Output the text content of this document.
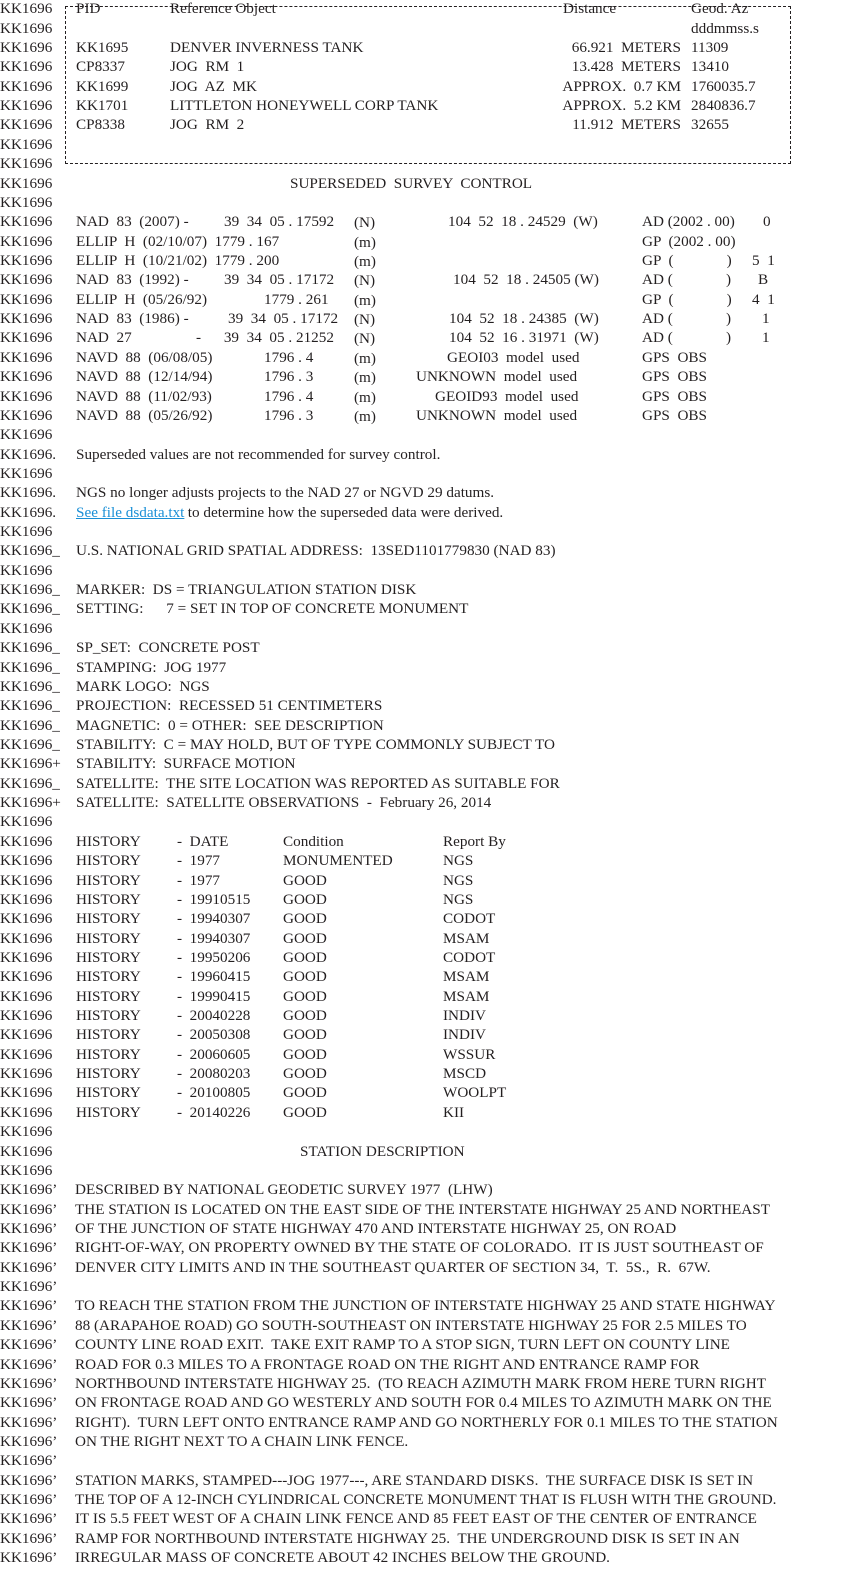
KK1696 PID	Reference Object	Distance	Geod. Az
KK1696	dddmmss.s
KK1696 KK1695	DENVER INVERNESS TANK	66.921  METERS 11309
KK1696 CP8337	JOG  RM  1	13.428  METERS 13410
KK1696 KK1699	JOG  AZ  MK	APPROX.  0.7 KM 1760035.7
KK1696 KK1701	LITTLETON HONEYWELL CORP TANK	APPROX.  5.2 KM 2840836.7
KK1696 CP8338	JOG  RM  2	11.912  METERS 32655
KK1696
KK1696
KK1696	SUPERSEDED  SURVEY  CONTROL
KK1696
KK1696 NAD  83  (2007) - 39  34  05 . 17592 (N)	104  52  18 . 24529  (W)	AD (2002 . 00) 0
KK1696 ELLIP  H  (02/10/07)  1779 . 167	(m)	GP  (2002 . 00)
KK1696 ELLIP  H  (10/21/02)  1779 . 200	(m)	GP  (              ) 5  1
KK1696 NAD  83  (1992) - 39  34  05 . 17172 (N)	104  52  18 . 24505 (W)	AD (              ) B
KK1696 ELLIP  H  (05/26/92)	1779 . 261 (m)	GP  (              ) 4  1
KK1696 NAD  83  (1986) -	39  34  05 . 17172 (N)	104  52  18 . 24385  (W)	AD (              ) 1
KK1696 NAD  27	-      39  34  05 . 21252 (N)	104  52  16 . 31971  (W)	AD (              ) 1
KK1696 NAVD  88  (06/08/05)	1796 . 4	(m)	GEOI03  model  used	GPS  OBS
KK1696 NAVD  88  (12/14/94)	1796 . 3	(m)	UNKNOWN  model  used	GPS  OBS
KK1696 NAVD  88  (11/02/93)	1796 . 4	(m)	GEOID93  model  used	GPS  OBS
KK1696 NAVD  88  (05/26/92)	1796 . 3	(m)	UNKNOWN  model  used	GPS  OBS
KK1696
KK1696. Superseded values are not recommended for survey control.
KK1696
KK1696. NGS no longer adjusts projects to the NAD 27 or NGVD 29 datums.
KK1696. See file dsdata.txt to determine how the superseded data were derived.
KK1696
KK1696_ U.S. NATIONAL GRID SPATIAL ADDRESS:  13SED1101779830 (NAD 83)
KK1696
KK1696_ MARKER:  DS = TRIANGULATION STATION DISK
KK1696_ SETTING:      7 = SET IN TOP OF CONCRETE MONUMENT
KK1696
KK1696_ SP_SET:  CONCRETE POST
KK1696_ STAMPING:  JOG 1977
KK1696_ MARK LOGO:  NGS
KK1696_ PROJECTION:  RECESSED 51 CENTIMETERS
KK1696_ MAGNETIC:  0 = OTHER:  SEE DESCRIPTION
KK1696_ STABILITY:  C = MAY HOLD, BUT OF TYPE COMMONLY SUBJECT TO
KK1696+ STABILITY:  SURFACE MOTION
KK1696_ SATELLITE:  THE SITE LOCATION WAS REPORTED AS SUITABLE FOR
KK1696+ SATELLITE:  SATELLITE OBSERVATIONS  -  February 26, 2014
KK1696
KK1696 HISTORY -  DATE	Condition	Report By
KK1696 HISTORY -  1977	MONUMENTED	NGS
KK1696 HISTORY -  1977	GOOD	NGS
KK1696 HISTORY -  19910515 GOOD	NGS
KK1696 HISTORY -  19940307 GOOD	CODOT
KK1696 HISTORY -  19940307 GOOD	MSAM
KK1696 HISTORY -  19950206 GOOD	CODOT
KK1696 HISTORY -  19960415 GOOD	MSAM
KK1696 HISTORY -  19990415 GOOD	MSAM
KK1696 HISTORY -  20040228 GOOD	INDIV
KK1696 HISTORY -  20050308 GOOD	INDIV
KK1696 HISTORY -  20060605 GOOD	WSSUR
KK1696 HISTORY -  20080203 GOOD	MSCD
KK1696 HISTORY -  20100805 GOOD	WOOLPT
KK1696 HISTORY -  20140226 GOOD	KII
KK1696
KK1696	STATION DESCRIPTION
KK1696
KK1696’ DESCRIBED BY NATIONAL GEODETIC SURVEY 1977  (LHW)
KK1696’ THE STATION IS LOCATED ON THE EAST SIDE OF THE INTERSTATE HIGHWAY 25 AND NORTHEAST
KK1696’ OF THE JUNCTION OF STATE HIGHWAY 470 AND INTERSTATE HIGHWAY 25, ON ROAD
KK1696’ RIGHT-OF-WAY, ON PROPERTY OWNED BY THE STATE OF COLORADO.  IT IS JUST SOUTHEAST OF
KK1696’ DENVER CITY LIMITS AND IN THE SOUTHEAST QUARTER OF SECTION 34,  T.  5S.,  R.  67W.
KK1696’
KK1696’ TO REACH THE STATION FROM THE JUNCTION OF INTERSTATE HIGHWAY 25 AND STATE HIGHWAY
KK1696’ 88 (ARAPAHOE ROAD) GO SOUTH-SOUTHEAST ON INTERSTATE HIGHWAY 25 FOR 2.5 MILES TO
KK1696’ COUNTY LINE ROAD EXIT.  TAKE EXIT RAMP TO A STOP SIGN, TURN LEFT ON COUNTY LINE
KK1696’ ROAD FOR 0.3 MILES TO A FRONTAGE ROAD ON THE RIGHT AND ENTRANCE RAMP FOR
KK1696’ NORTHBOUND INTERSTATE HIGHWAY 25.  (TO REACH AZIMUTH MARK FROM HERE TURN RIGHT
KK1696’ ON FRONTAGE ROAD AND GO WESTERLY AND SOUTH FOR 0.4 MILES TO AZIMUTH MARK ON THE
KK1696’ RIGHT).  TURN LEFT ONTO ENTRANCE RAMP AND GO NORTHERLY FOR 0.1 MILES TO THE STATION
KK1696’ ON THE RIGHT NEXT TO A CHAIN LINK FENCE.
KK1696’
KK1696’ STATION MARKS, STAMPED---JOG 1977---, ARE STANDARD DISKS.  THE SURFACE DISK IS SET IN
KK1696’ THE TOP OF A 12-INCH CYLINDRICAL CONCRETE MONUMENT THAT IS FLUSH WITH THE GROUND.
KK1696’ IT IS 5.5 FEET WEST OF A CHAIN LINK FENCE AND 85 FEET EAST OF THE CENTER OF ENTRANCE
KK1696’ RAMP FOR NORTHBOUND INTERSTATE HIGHWAY 25.  THE UNDERGROUND DISK IS SET IN AN
KK1696’ IRREGULAR MASS OF CONCRETE ABOUT 42 INCHES BELOW THE GROUND.
